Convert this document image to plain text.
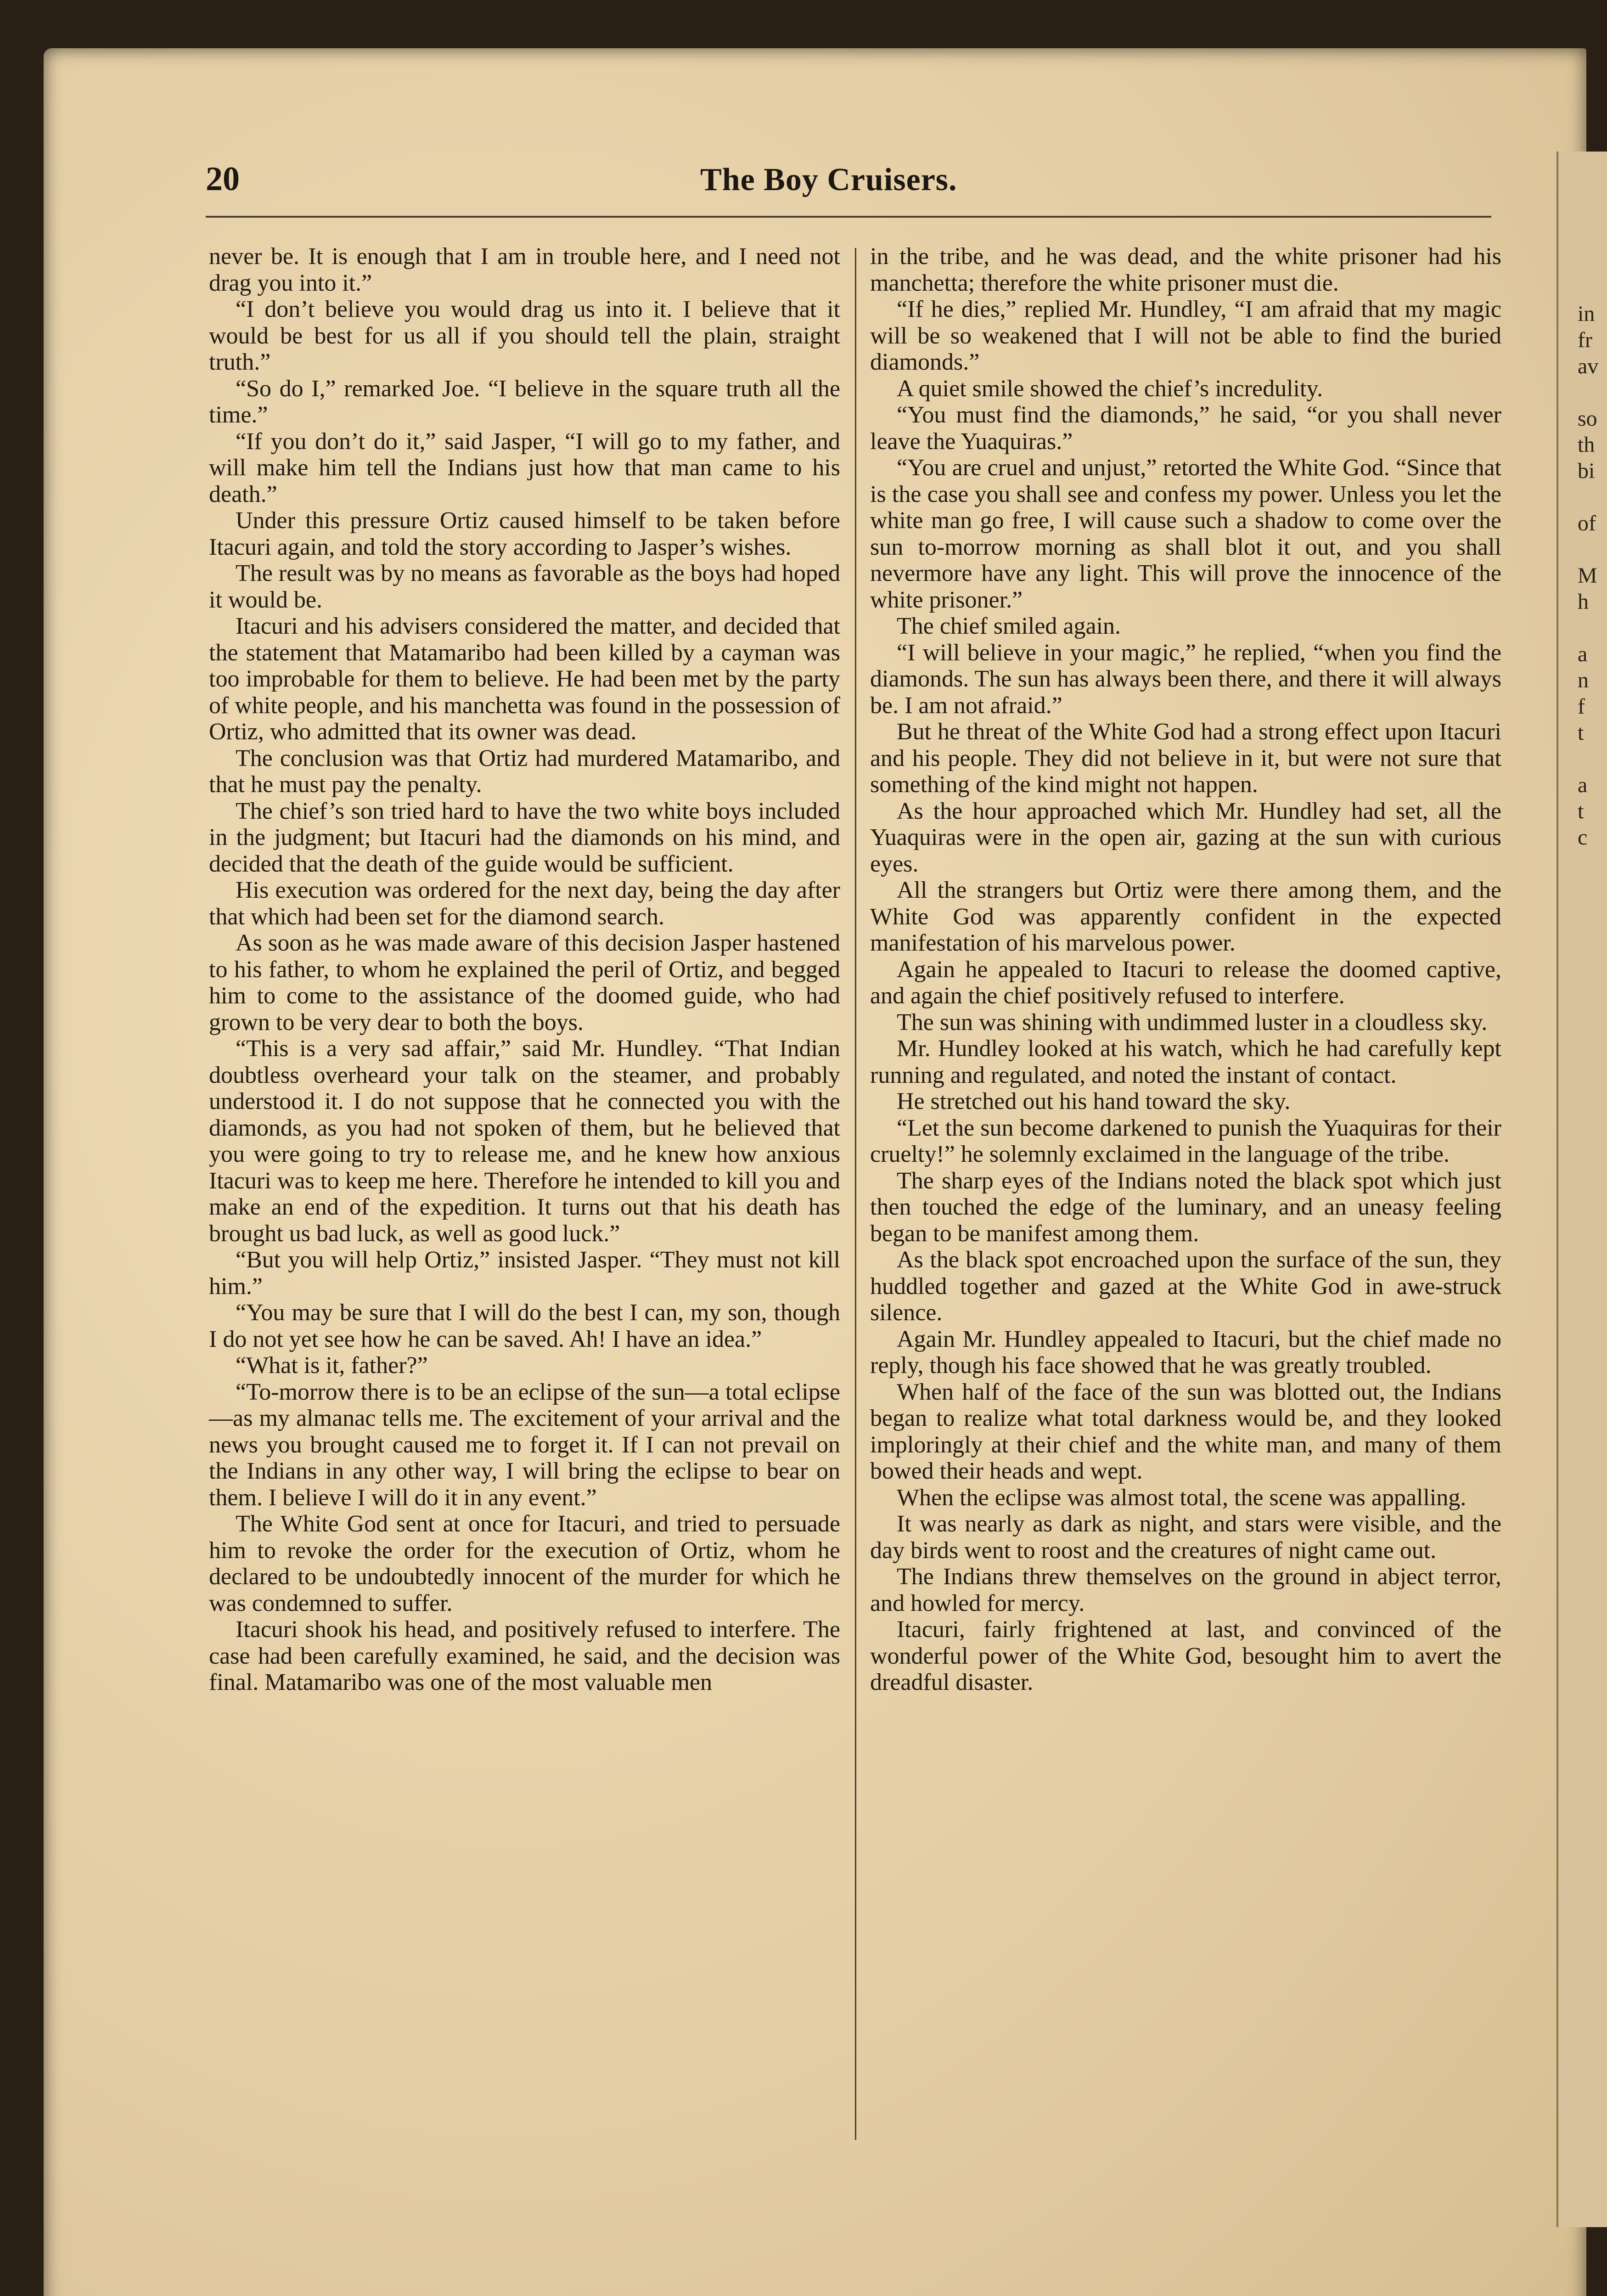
in
fr
av
so
th
bi
of
M
h
a
n
f
t
a
t
c
20	The Boy Cruisers.

never be. It is enough that I am in trouble here, and I need not drag you into it.”

“I don’t believe you would drag us into it. I believe that it would be best for us all if you should tell the plain, straight truth.”

“So do I,” remarked Joe. “I believe in the square truth all the time.”

“If you don’t do it,” said Jasper, “I will go to my father, and will make him tell the Indians just how that man came to his death.”

Under this pressure Ortiz caused himself to be taken before Itacuri again, and told the story according to Jasper’s wishes.

The result was by no means as favorable as the boys had hoped it would be.

Itacuri and his advisers considered the matter, and decided that the statement that Matamaribo had been killed by a cayman was too improbable for them to believe. He had been met by the party of white people, and his manchetta was found in the possession of Ortiz, who admitted that its owner was dead.

The conclusion was that Ortiz had murdered Matamaribo, and that he must pay the penalty.

The chief’s son tried hard to have the two white boys included in the judgment; but Itacuri had the diamonds on his mind, and decided that the death of the guide would be sufficient.

His execution was ordered for the next day, being the day after that which had been set for the diamond search.

As soon as he was made aware of this decision Jasper hastened to his father, to whom he explained the peril of Ortiz, and begged him to come to the assistance of the doomed guide, who had grown to be very dear to both the boys.

“This is a very sad affair,” said Mr. Hundley. “That Indian doubtless overheard your talk on the steamer, and probably understood it. I do not suppose that he connected you with the diamonds, as you had not spoken of them, but he believed that you were going to try to release me, and he knew how anxious Itacuri was to keep me here. Therefore he intended to kill you and make an end of the expedition. It turns out that his death has brought us bad luck, as well as good luck.”

“But you will help Ortiz,” insisted Jasper. “They must not kill him.”

“You may be sure that I will do the best I can, my son, though I do not yet see how he can be saved. Ah! I have an idea.”

“What is it, father?”

“To-morrow there is to be an eclipse of the sun—a total eclipse—as my almanac tells me. The excitement of your arrival and the news you brought caused me to forget it. If I can not prevail on the Indians in any other way, I will bring the eclipse to bear on them. I believe I will do it in any event.”

The White God sent at once for Itacuri, and tried to persuade him to revoke the order for the execution of Ortiz, whom he declared to be undoubtedly innocent of the murder for which he was condemned to suffer.

Itacuri shook his head, and positively refused to interfere. The case had been carefully examined, he said, and the decision was final. Matamaribo was one of the most valuable men

in the tribe, and he was dead, and the white prisoner had his manchetta; therefore the white prisoner must die.

“If he dies,” replied Mr. Hundley, “I am afraid that my magic will be so weakened that I will not be able to find the buried diamonds.”

A quiet smile showed the chief’s incredulity.

“You must find the diamonds,” he said, “or you shall never leave the Yuaquiras.”

“You are cruel and unjust,” retorted the White God. “Since that is the case you shall see and confess my power. Unless you let the white man go free, I will cause such a shadow to come over the sun to-morrow morning as shall blot it out, and you shall nevermore have any light. This will prove the innocence of the white prisoner.”

The chief smiled again.

“I will believe in your magic,” he replied, “when you find the diamonds. The sun has always been there, and there it will always be. I am not afraid.”

But he threat of the White God had a strong effect upon Itacuri and his people. They did not believe in it, but were not sure that something of the kind might not happen.

As the hour approached which Mr. Hundley had set, all the Yuaquiras were in the open air, gazing at the sun with curious eyes.

All the strangers but Ortiz were there among them, and the White God was apparently confident in the expected manifestation of his marvelous power.

Again he appealed to Itacuri to release the doomed captive, and again the chief positively refused to interfere.

The sun was shining with undimmed luster in a cloudless sky.

Mr. Hundley looked at his watch, which he had carefully kept running and regulated, and noted the instant of contact.

He stretched out his hand toward the sky.

“Let the sun become darkened to punish the Yuaquiras for their cruelty!” he solemnly exclaimed in the language of the tribe.

The sharp eyes of the Indians noted the black spot which just then touched the edge of the luminary, and an uneasy feeling began to be manifest among them.

As the black spot encroached upon the surface of the sun, they huddled together and gazed at the White God in awe-struck silence.

Again Mr. Hundley appealed to Itacuri, but the chief made no reply, though his face showed that he was greatly troubled.

When half of the face of the sun was blotted out, the Indians began to realize what total darkness would be, and they looked imploringly at their chief and the white man, and many of them bowed their heads and wept.

When the eclipse was almost total, the scene was appalling.

It was nearly as dark as night, and stars were visible, and the day birds went to roost and the creatures of night came out.

The Indians threw themselves on the ground in abject terror, and howled for mercy.

Itacuri, fairly frightened at last, and convinced of the wonderful power of the White God, besought him to avert the dreadful disaster.
